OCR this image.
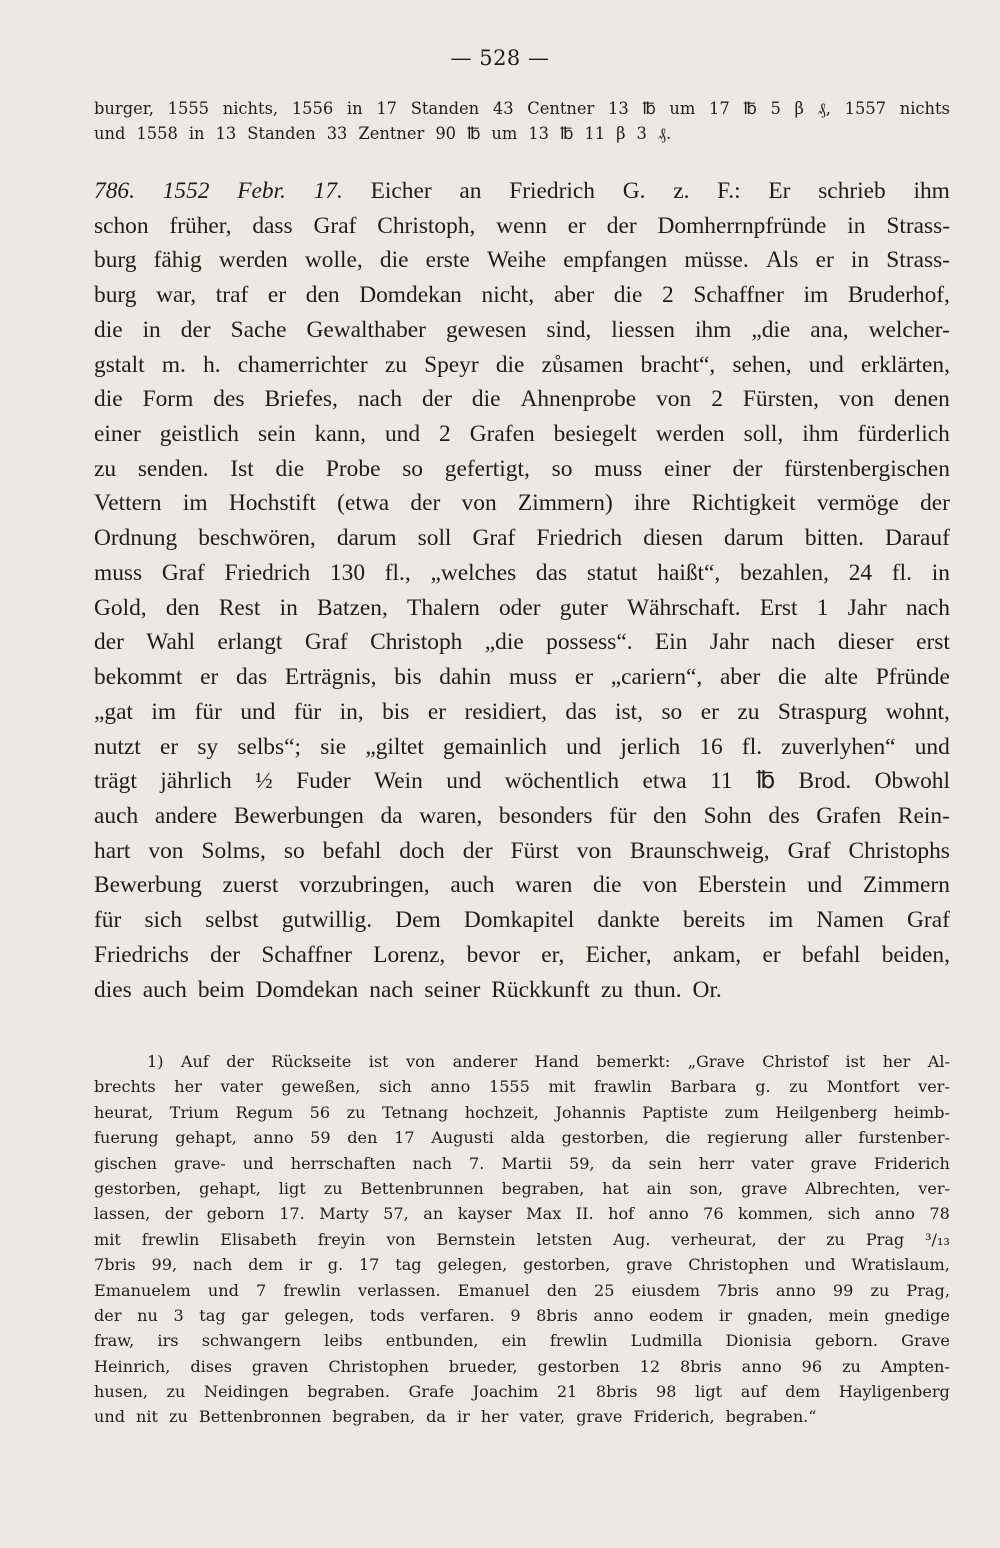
— 528 —
burger, 1555 nichts, 1556 in 17 Standen 43 Centner 13 ℔ um 17 ℔ 5 β ₰, 1557 nichts
und 1558 in 13 Standen 33 Zentner 90 ℔ um 13 ℔ 11 β 3 ₰.
786. 1552 Febr. 17. Eicher an Friedrich G. z. F.: Er schrieb ihm
schon früher, dass Graf Christoph, wenn er der Domherrnpfründe in Strass-
burg fähig werden wolle, die erste Weihe empfangen müsse. Als er in Strass-
burg war, traf er den Domdekan nicht, aber die 2 Schaffner im Bruderhof,
die in der Sache Gewalthaber gewesen sind, liessen ihm „die ana, welcher-
gstalt m. h. chamerrichter zu Speyr die zůsamen bracht“, sehen, und erklärten,
die Form des Briefes, nach der die Ahnenprobe von 2 Fürsten, von denen
einer geistlich sein kann, und 2 Grafen besiegelt werden soll, ihm fürderlich
zu senden. Ist die Probe so gefertigt, so muss einer der fürstenbergischen
Vettern im Hochstift (etwa der von Zimmern) ihre Richtigkeit vermöge der
Ordnung beschwören, darum soll Graf Friedrich diesen darum bitten. Darauf
muss Graf Friedrich 130 fl., „welches das statut haißt“, bezahlen, 24 fl. in
Gold, den Rest in Batzen, Thalern oder guter Währschaft. Erst 1 Jahr nach
der Wahl erlangt Graf Christoph „die possess“. Ein Jahr nach dieser erst
bekommt er das Erträgnis, bis dahin muss er „cariern“, aber die alte Pfründe
„gat im für und für in, bis er residiert, das ist, so er zu Straspurg wohnt,
nutzt er sy selbs“; sie „giltet gemainlich und jerlich 16 fl. zuverlyhen“ und
trägt jährlich ½ Fuder Wein und wöchentlich etwa 11 ℔ Brod. Obwohl
auch andere Bewerbungen da waren, besonders für den Sohn des Grafen Rein-
hart von Solms, so befahl doch der Fürst von Braunschweig, Graf Christophs
Bewerbung zuerst vorzubringen, auch waren die von Eberstein und Zimmern
für sich selbst gutwillig. Dem Domkapitel dankte bereits im Namen Graf
Friedrichs der Schaffner Lorenz, bevor er, Eicher, ankam, er befahl beiden,
dies auch beim Domdekan nach seiner Rückkunft zu thun. Or.
1) Auf der Rückseite ist von anderer Hand bemerkt: „Grave Christof ist her Al-
brechts her vater geweßen, sich anno 1555 mit frawlin Barbara g. zu Montfort ver-
heurat, Trium Regum 56 zu Tetnang hochzeit, Johannis Paptiste zum Heilgenberg heimb-
fuerung gehapt, anno 59 den 17 Augusti alda gestorben, die regierung aller furstenber-
gischen grave- und herrschaften nach 7. Martii 59, da sein herr vater grave Friderich
gestorben, gehapt, ligt zu Bettenbrunnen begraben, hat ain son, grave Albrechten, ver-
lassen, der geborn 17. Marty 57, an kayser Max II. hof anno 76 kommen, sich anno 78
mit frewlin Elisabeth freyin von Bernstein letsten Aug. verheurat, der zu Prag ³/₁₃
7bris 99, nach dem ir g. 17 tag gelegen, gestorben, grave Christophen und Wratislaum,
Emanuelem und 7 frewlin verlassen. Emanuel den 25 eiusdem 7bris anno 99 zu Prag,
der nu 3 tag gar gelegen, tods verfaren. 9 8bris anno eodem ir gnaden, mein gnedige
fraw, irs schwangern leibs entbunden, ein frewlin Ludmilla Dionisia geborn. Grave
Heinrich, dises graven Christophen brueder, gestorben 12 8bris anno 96 zu Ampten-
husen, zu Neidingen begraben. Grafe Joachim 21 8bris 98 ligt auf dem Hayligenberg
und nit zu Bettenbronnen begraben, da ir her vater, grave Friderich, begraben.“
